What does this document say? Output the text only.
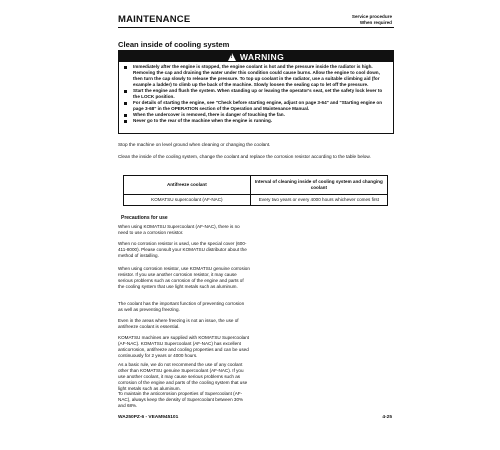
MAINTENANCE	Service procedure
When required
Clean inside of cooling system
! WARNING
Immediately after the engine is stopped, the engine coolant is hot and the pressure inside the radiator is high. Removing the cap and draining the water under this condition could cause burns. Allow the engine to cool down, then turn the cap slowly to release the pressure. To top up coolant in the radiator, use a suitable climbing aid (for example a ladder) to climb up the back of the machine. Slowly loosen the sealing cap to let off the pressure.
Start the engine and flush the system. When standing up or leaving the operator's seat, set the safety lock lever to the LOCK position.
For details of starting the engine, see "Check before starting engine, adjust on page 3-64" and "Starting engine on page 3-68" in the OPERATION section of the Operation and Maintenance Manual.
When the undercover is removed, there is danger of touching the fan.
Never go to the rear of the machine when the engine is running.

Stop the machine on level ground when cleaning or changing the coolant.

Clean the inside of the cooling system, change the coolant and replace the corrosion resistor according to the table below.

Antifreeze coolant	Interval of cleaning inside of cooling system and changing coolant
KOMATSU supercoolant (AF-NAC)	Every two years or every 4000 hours whichever comes first
Precautions for use

When using KOMATSU Supercoolant (AF-NAC), there is no need to use a corrosion resistor.

When no corrosion resistor is used, use the special cover (600-411-8000). Please consult your KOMATSU distributor about the method of installing.

When using corrosion resistor, use KOMATSU genuine corrosion resistor. If you use another corrosion resistor, it may cause serious problems such as corrosion of the engine and parts of the cooling system that use light metals such as aluminum.

The coolant has the important function of preventing corrosion as well as preventing freezing.

Even in the areas where freezing is not an issue, the use of antifreeze coolant is essential.

KOMATSU machines are supplied with KOMATSU Supercoolant (AF-NAC). KOMATSU Supercoolant (AF-NAC) has excellent anticorrosion, antifreeze and cooling properties and can be used continuously for 2 years or 4000 hours.

As a basic rule, we do not recommend the use of any coolant other than KOMATSU genuine Supercoolant (AF-NAC). If you use another coolant, it may cause serious problems such as corrosion of the engine and parts of the cooling system that use light metals such as aluminum.

To maintain the anticorrosion properties of Supercoolant (AF-NAC), always keep the density of Supercoolant between 30% and 68%.

WA250PZ-6 - VEAM945101	4-25
